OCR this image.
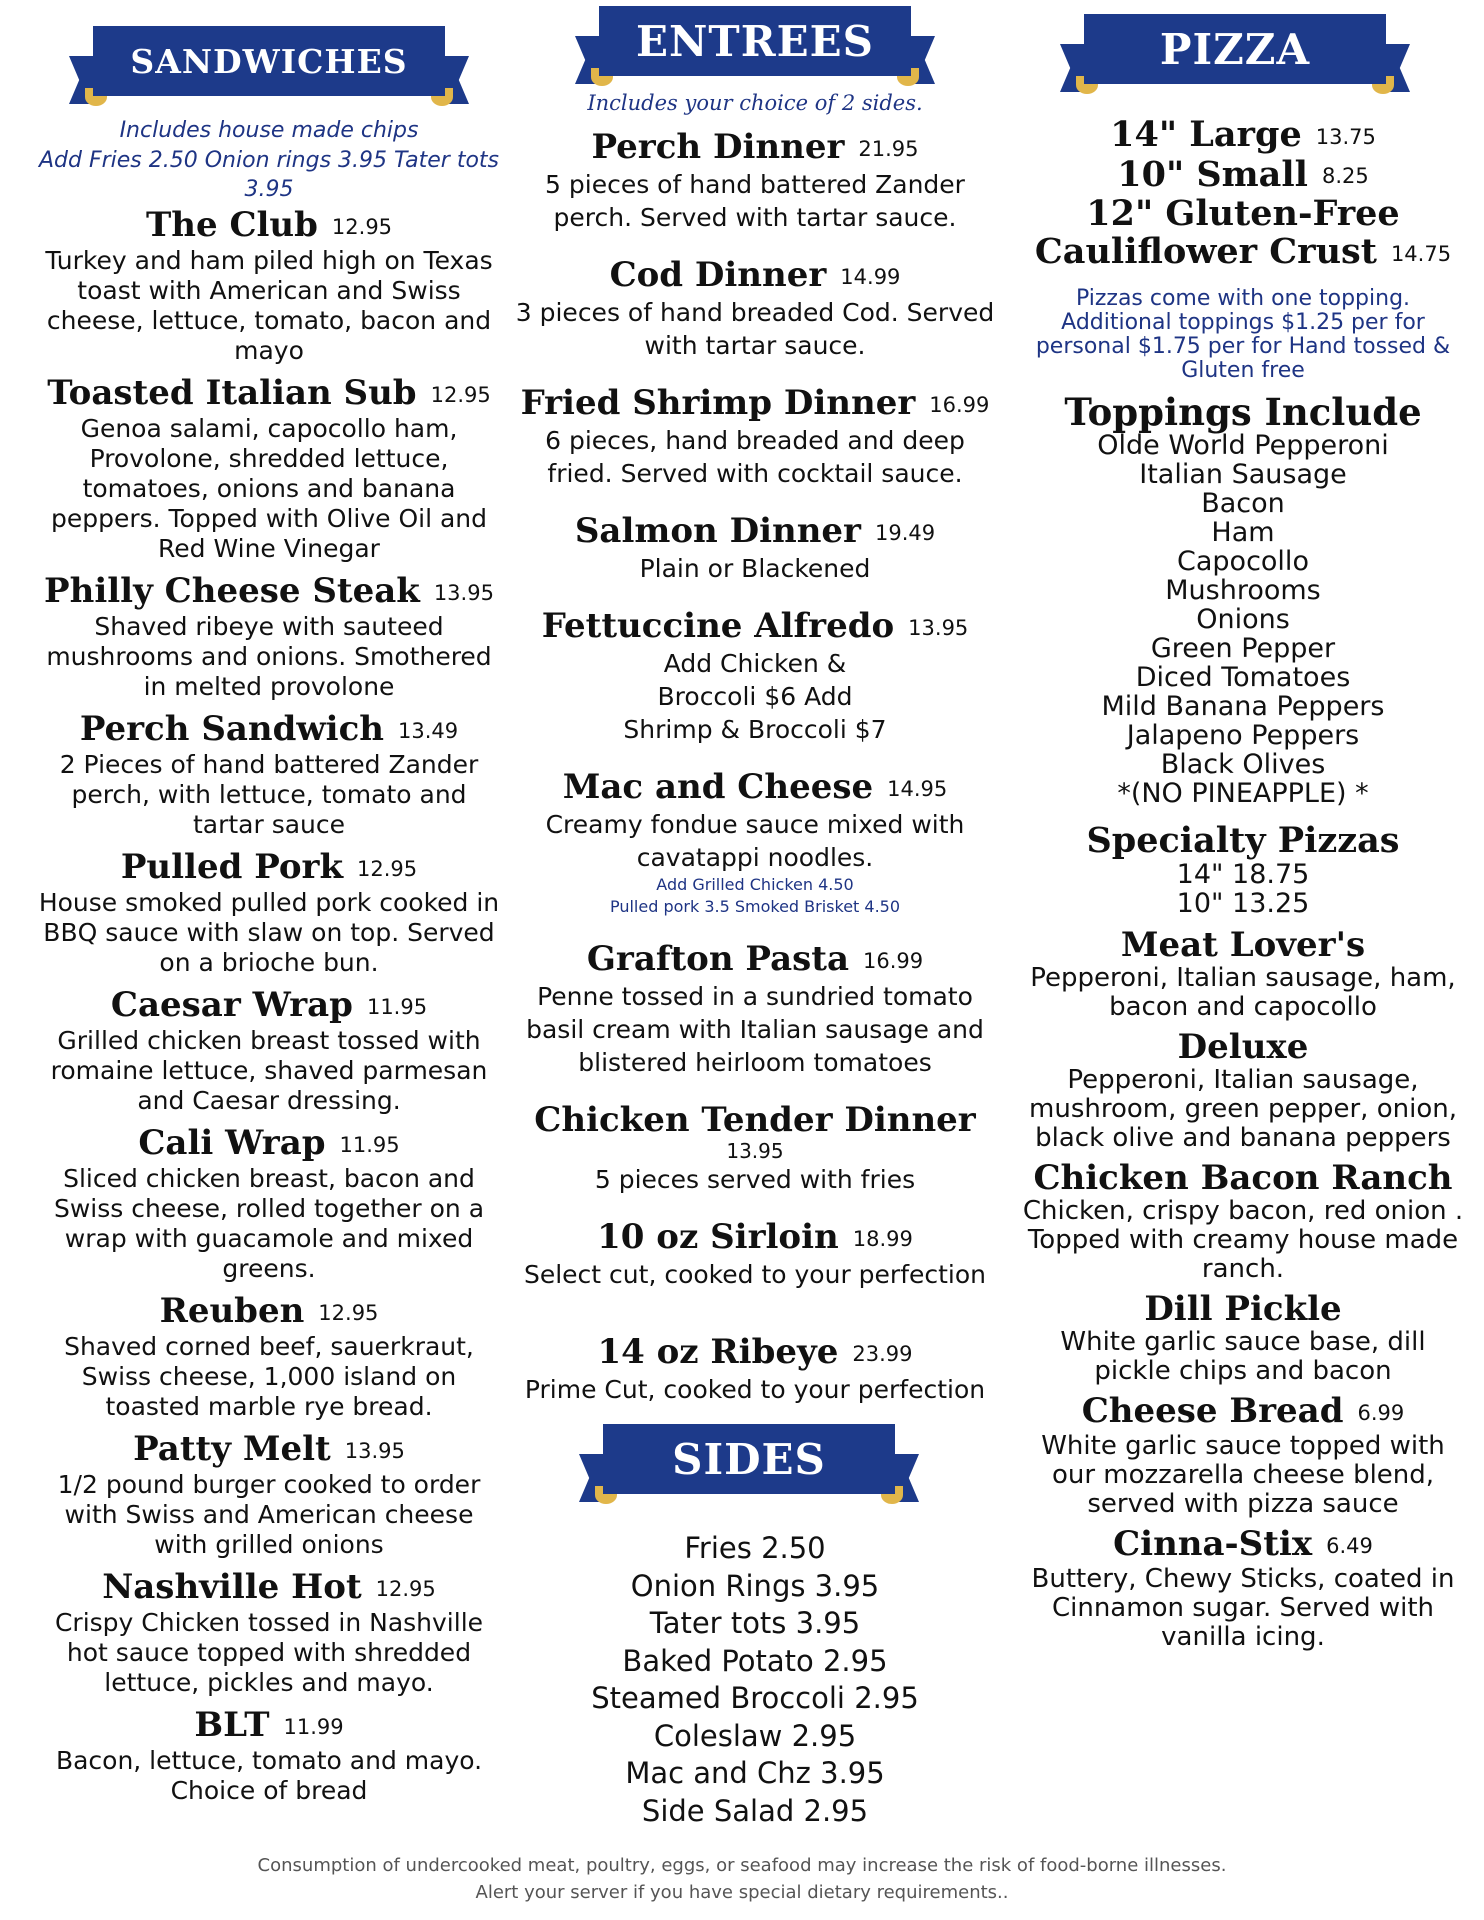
SANDWICHES
Includes house made chips
Add Fries 2.50 Onion rings 3.95 Tater tots 3.95
The Club 12.95
Turkey and ham piled high on Texas toast with American and Swiss cheese, lettuce, tomato, bacon and mayo
Toasted Italian Sub 12.95
Genoa salami, capocollo ham, Provolone, shredded lettuce, tomatoes, onions and banana peppers. Topped with Olive Oil and Red Wine Vinegar
Philly Cheese Steak 13.95
Shaved ribeye with sauteed mushrooms and onions. Smothered in melted provolone
Perch Sandwich 13.49
2 Pieces of hand battered Zander perch, with lettuce, tomato and tartar sauce
Pulled Pork 12.95
House smoked pulled pork cooked in BBQ sauce with slaw on top. Served on a brioche bun.
Caesar Wrap 11.95
Grilled chicken breast tossed with romaine lettuce, shaved parmesan and Caesar dressing.
Cali Wrap 11.95
Sliced chicken breast, bacon and Swiss cheese, rolled together on a wrap with guacamole and mixed greens.
Reuben 12.95
Shaved corned beef, sauerkraut, Swiss cheese, 1,000 island on toasted marble rye bread.
Patty Melt 13.95
1/2 pound burger cooked to order with Swiss and American cheese with grilled onions
Nashville Hot 12.95
Crispy Chicken tossed in Nashville hot sauce topped with shredded lettuce, pickles and mayo.
BLT 11.99
Bacon, lettuce, tomato and mayo. Choice of bread
ENTREES
Includes your choice of 2 sides.
Perch Dinner 21.95
5 pieces of hand battered Zander perch. Served with tartar sauce.
Cod Dinner 14.99
3 pieces of hand breaded Cod. Served with tartar sauce.
Fried Shrimp Dinner 16.99
6 pieces, hand breaded and deep fried. Served with cocktail sauce.
Salmon Dinner 19.49
Plain or Blackened
Fettuccine Alfredo 13.95
Add Chicken & Broccoli $6 Add Shrimp & Broccoli $7
Mac and Cheese 14.95
Creamy fondue sauce mixed with cavatappi noodles.
Add Grilled Chicken 4.50
Pulled pork 3.5 Smoked Brisket 4.50
Grafton Pasta 16.99
Penne tossed in a sundried tomato basil cream with Italian sausage and blistered heirloom tomatoes
Chicken Tender Dinner
13.95
5 pieces served with fries
10 oz Sirloin 18.99
Select cut, cooked to your perfection
14 oz Ribeye 23.99
Prime Cut, cooked to your perfection
SIDES
Fries 2.50
Onion Rings 3.95
Tater tots 3.95
Baked Potato 2.95
Steamed Broccoli 2.95
Coleslaw 2.95
Mac and Chz 3.95
Side Salad 2.95
PIZZA
14" Large 13.75
10" Small 8.25
12" Gluten-Free Cauliflower Crust 14.75
Pizzas come with one topping. Additional toppings $1.25 per for personal $1.75 per for Hand tossed & Gluten free
Toppings Include
Olde World Pepperoni
Italian Sausage
Bacon
Ham
Capocollo
Mushrooms
Onions
Green Pepper
Diced Tomatoes
Mild Banana Peppers
Jalapeno Peppers
Black Olives
*(NO PINEAPPLE) *
Specialty Pizzas
14" 18.75
10" 13.25
Meat Lover's
Pepperoni, Italian sausage, ham, bacon and capocollo
Deluxe
Pepperoni, Italian sausage, mushroom, green pepper, onion, black olive and banana peppers
Chicken Bacon Ranch
Chicken, crispy bacon, red onion . Topped with creamy house made ranch.
Dill Pickle
White garlic sauce base, dill pickle chips and bacon
Cheese Bread 6.99
White garlic sauce topped with our mozzarella cheese blend, served with pizza sauce
Cinna-Stix 6.49
Buttery, Chewy Sticks, coated in Cinnamon sugar. Served with vanilla icing.
Consumption of undercooked meat, poultry, eggs, or seafood may increase the risk of food-borne illnesses.
Alert your server if you have special dietary requirements..
